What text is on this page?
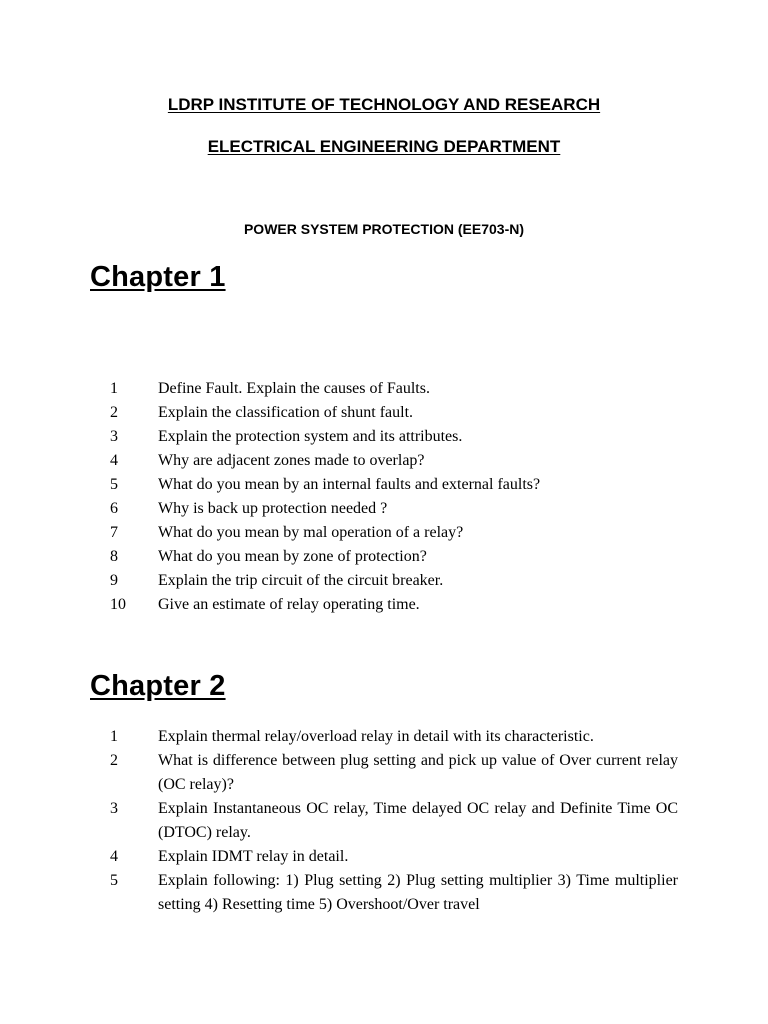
LDRP INSTITUTE OF TECHNOLOGY AND RESEARCH
ELECTRICAL ENGINEERING DEPARTMENT
POWER SYSTEM PROTECTION (EE703-N)
Chapter 1
1	Define Fault. Explain the causes of Faults.
2	Explain the classification of shunt fault.
3	Explain the protection system and its attributes.
4	Why are adjacent zones made to overlap?
5	What do you mean by an internal faults and external faults?
6	Why is back up protection needed ?
7	What do you mean by mal operation of a relay?
8	What do you mean by zone of protection?
9	Explain the trip circuit of the circuit breaker.
10	Give an estimate of relay operating time.
Chapter 2
1	Explain thermal relay/overload relay in detail with its characteristic.
2	What is difference between plug setting and pick up value of Over current relay (OC relay)?
3	Explain Instantaneous OC relay, Time delayed OC relay and Definite Time OC (DTOC) relay.
4	Explain IDMT relay in detail.
5	Explain following: 1) Plug setting 2) Plug setting multiplier 3) Time multiplier setting 4) Resetting time 5) Overshoot/Over travel
